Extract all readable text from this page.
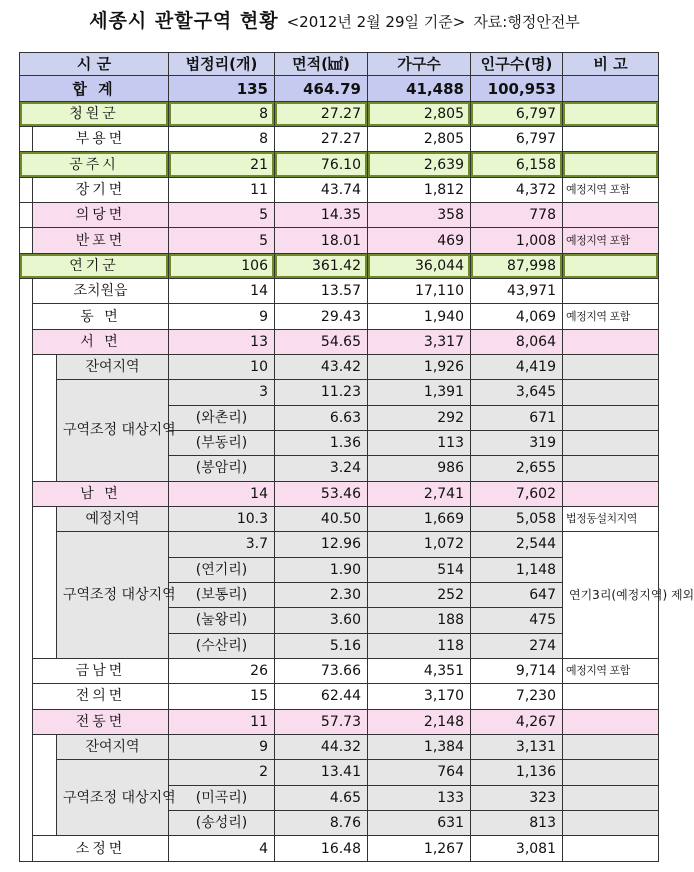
세종시 관할구역 현황 <2012년 2월 29일 기준> 자료:행정안전부
시 군			법정리(개)	면적(㎢)	가구수	인구수(명)	비 고
합 계			135	464.79	41,488	100,953	
청원군			8	27.27	2,805	6,797	
	부용면		8	27.27	2,805	6,797	
공주시			21	76.10	2,639	6,158	
	장기면		11	43.74	1,812	4,372	예정지역 포함
	의당면		5	14.35	358	778	
	반포면		5	18.01	469	1,008	예정지역 포함
연기군			106	361.42	36,044	87,998	
	조치원읍		14	13.57	17,110	43,971	
	동 면		9	29.43	1,940	4,069	예정지역 포함
	서 면		13	54.65	3,317	8,064	
		잔여지역	10	43.42	1,926	4,419	
		구역조정 대상지역	3	11.23	1,391	3,645	
			(와촌리)	6.63	292	671	
			(부동리)	1.36	113	319	
			(봉암리)	3.24	986	2,655	
	남 면		14	53.46	2,741	7,602	
		예정지역	10.3	40.50	1,669	5,058	법정동설치지역
		구역조정 대상지역	3.7	12.96	1,072	2,544	연기3리(예정지역) 제외
			(연기리)	1.90	514	1,148	
			(보통리)	2.30	252	647	
			(눌왕리)	3.60	188	475	
			(수산리)	5.16	118	274	
	금남면		26	73.66	4,351	9,714	예정지역 포함
	전의면		15	62.44	3,170	7,230	
	전동면		11	57.73	2,148	4,267	
		잔여지역	9	44.32	1,384	3,131	
		구역조정 대상지역	2	13.41	764	1,136	
			(미곡리)	4.65	133	323	
			(송성리)	8.76	631	813	
	소정면		4	16.48	1,267	3,081	
